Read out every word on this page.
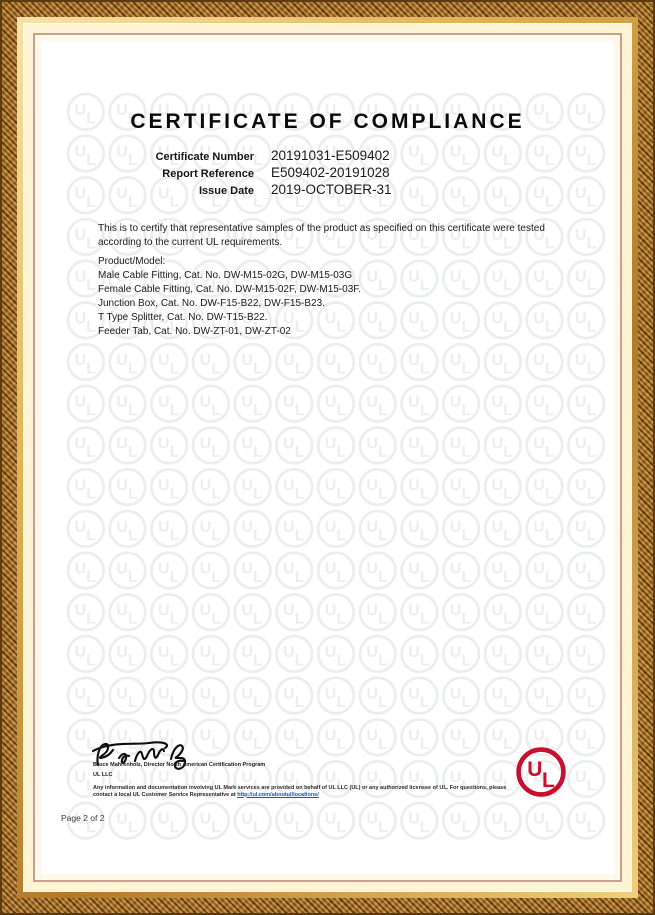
CERTIFICATE OF COMPLIANCE
Certificate Number 20191031-E509402
Report Reference E509402-20191028
Issue Date 2019-OCTOBER-31
This is to certify that representative samples of the product as specified on this certificate were tested according to the current UL requirements.
Product/Model:
Male Cable Fitting, Cat. No. DW-M15-02G, DW-M15-03G
Female Cable Fitting, Cat. No. DW-M15-02F, DW-M15-03F.
Junction Box, Cat. No. DW-F15-B22, DW-F15-B23.
T Type Splitter, Cat. No. DW-T15-B22.
Feeder Tab, Cat. No. DW-ZT-01, DW-ZT-02
Bruce Mahrenholz, Director North American Certification Program
UL LLC
Any information and documentation involving UL Mark services are provided on behalf of UL LLC (UL) or any authorized licensee of UL. For questions, please contact a local UL Customer Service Representative at http://ul.com/aboutul/locations/
Page 2 of 2
U L
